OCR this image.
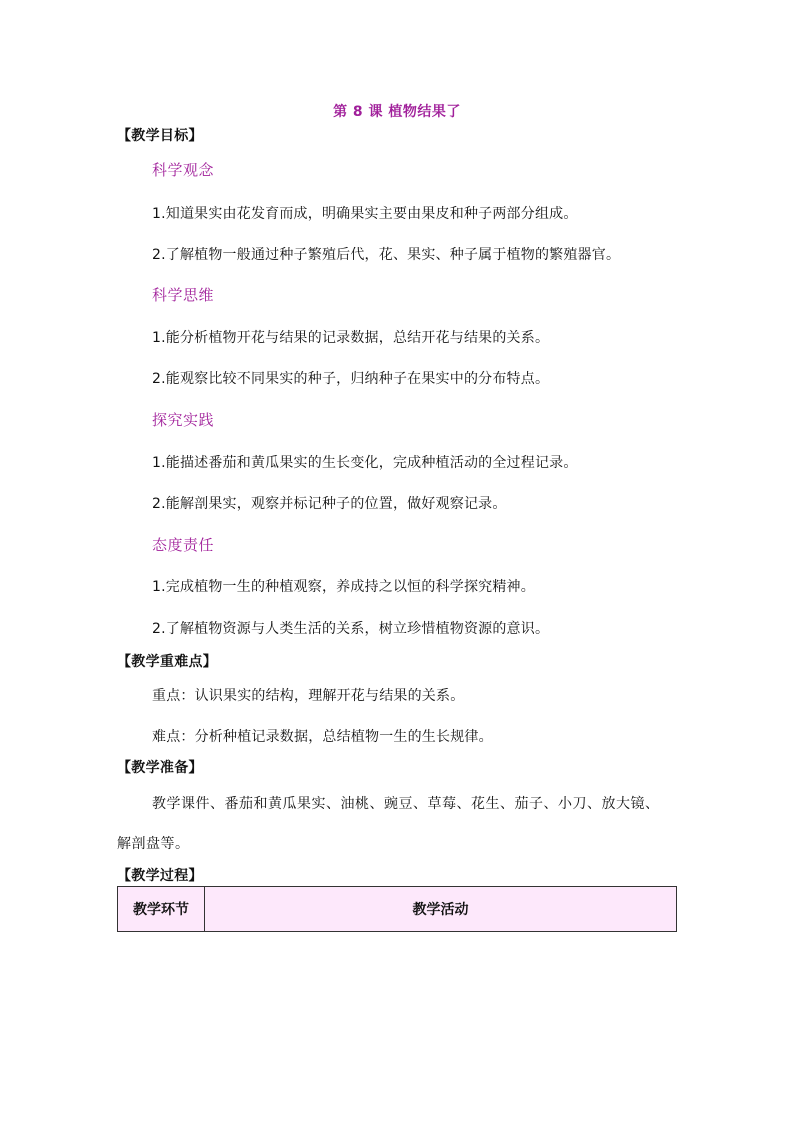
第 8 课 植物结果了
【教学目标】
科学观念
1.知道果实由花发育而成，明确果实主要由果皮和种子两部分组成。
2.了解植物一般通过种子繁殖后代，花、果实、种子属于植物的繁殖器官。
科学思维
1.能分析植物开花与结果的记录数据，总结开花与结果的关系。
2.能观察比较不同果实的种子，归纳种子在果实中的分布特点。
探究实践
1.能描述番茄和黄瓜果实的生长变化，完成种植活动的全过程记录。
2.能解剖果实，观察并标记种子的位置，做好观察记录。
态度责任
1.完成植物一生的种植观察，养成持之以恒的科学探究精神。
2.了解植物资源与人类生活的关系，树立珍惜植物资源的意识。
【教学重难点】
重点：认识果实的结构，理解开花与结果的关系。
难点：分析种植记录数据，总结植物一生的生长规律。
【教学准备】
教学课件、番茄和黄瓜果实、油桃、豌豆、草莓、花生、茄子、小刀、放大镜、
解剖盘等。
【教学过程】
教学环节	教学活动
